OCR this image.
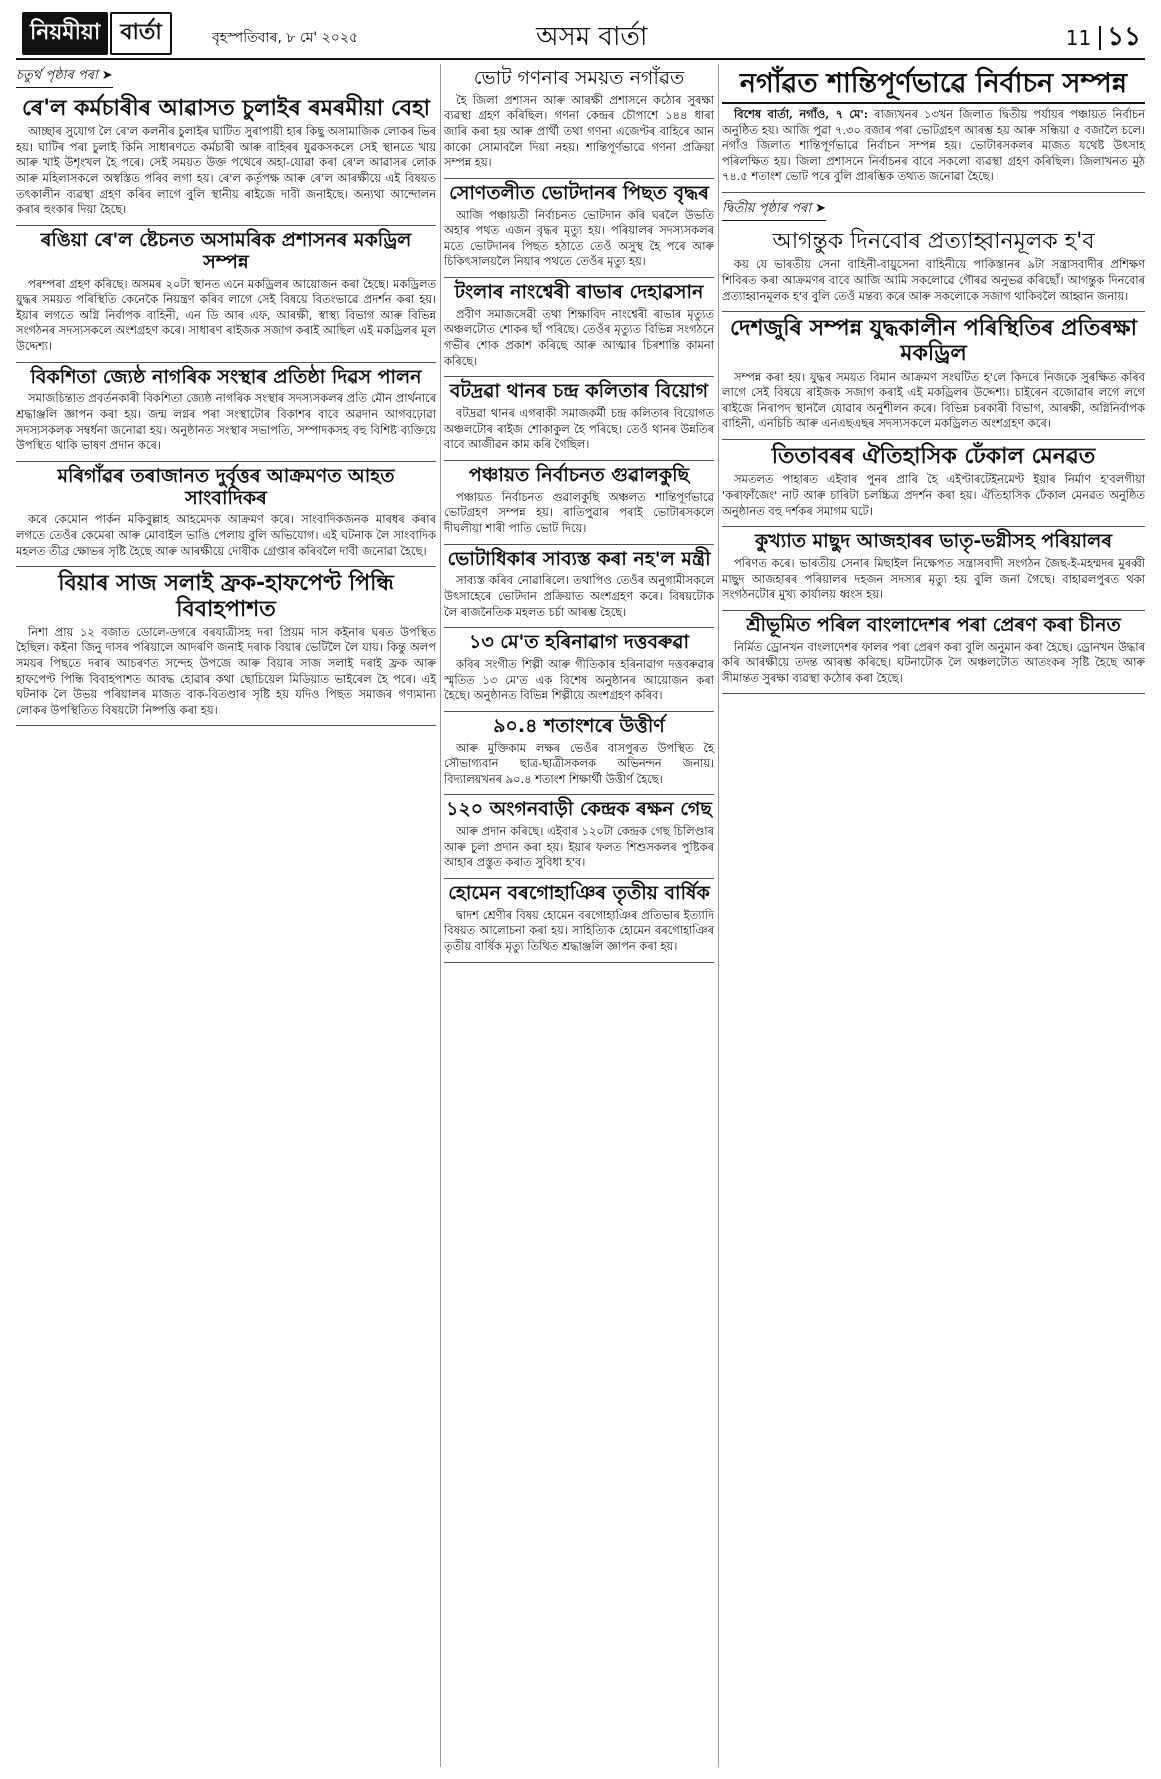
নিয়মীয়া বাৰ্তা	বৃহস্পতিবাৰ, ৮ মে' ২০২৫	অসম বাৰ্তা	11 ১১
চতুৰ্থ পৃষ্ঠাৰ পৰা ➤
ৰে'ল কৰ্মচাৰীৰ আৱাসত চুলাইৰ ৰমৰমীয়া বেহা

আচ্ছাৰ সুযোগ লৈ ৰে'ল কলনীৰ চুলাইৰ ঘাটিত সুৰাপায়ী হাৰ কিছু অসামাজিক লোকৰ ভিৰ হয়। ঘাটিৰ পৰা চুলাই কিনি সাধাৰণতে কৰ্মচাৰী আৰু বাহিৰৰ যুৱকসকলে সেই স্থানতে খায় আৰু খাই উশৃংখল হৈ পৰে। সেই সময়ত উক্ত পথেৰে অহা-যোৱা কৰা ৰে'ল আৱাসৰ লোক আৰু মহিলাসকলে অস্বস্তিত পৰিব লগা হয়। ৰে'ল কৰ্তৃপক্ষ আৰু ৰে'ল আৰক্ষীয়ে এই বিষয়ত তৎকালীন ব্যৱস্থা গ্ৰহণ কৰিব লাগে বুলি স্থানীয় ৰাইজে দাবী জনাইছে। অন্যথা আন্দোলন কৰাৰ হুংকাৰ দিয়া হৈছে।

ৰঙিয়া ৰে'ল ষ্টেচনত অসামৰিক প্ৰশাসনৰ মকড্ৰিল সম্পন্ন

পৰম্পৰা গ্ৰহণ কৰিছে। অসমৰ ২০টা স্থানত এনে মকড্ৰিলৰ আয়োজন কৰা হৈছে। মকড্ৰিলত যুদ্ধৰ সময়ত পৰিস্থিতি কেনেকৈ নিয়ন্ত্ৰণ কৰিব লাগে সেই বিষয়ে বিতংভাৱে প্ৰদৰ্শন কৰা হয়। ইয়াৰ লগতে অগ্নি নিৰ্বাপক বাহিনী, এন ডি আৰ এফ, আৰক্ষী, স্বাস্থ্য বিভাগ আৰু বিভিন্ন সংগঠনৰ সদস্যসকলে অংশগ্ৰহণ কৰে। সাধাৰণ ৰাইজক সজাগ কৰাই আছিল এই মকড্ৰিলৰ মূল উদ্দেশ্য।

বিকশিতা জ্যেষ্ঠ নাগৰিক সংস্থাৰ প্ৰতিষ্ঠা দিৱস পালন

সমাজচিন্তাত প্ৰবৰ্তনকাৰী বিকশিতা জ্যেষ্ঠ নাগৰিক সংস্থাৰ সদস্যসকলৰ প্ৰতি মৌন প্ৰাৰ্থনাৰে শ্ৰদ্ধাঞ্জলি জ্ঞাপন কৰা হয়। জন্ম লগ্নৰ পৰা সংস্থাটোৰ বিকাশৰ বাবে অৱদান আগবঢ়োৱা সদস্যসকলক সম্বৰ্ধনা জনোৱা হয়। অনুষ্ঠানত সংস্থাৰ সভাপতি, সম্পাদকসহ বহু বিশিষ্ট ব্যক্তিয়ে উপস্থিত থাকি ভাষণ প্ৰদান কৰে।

মৰিগাঁৱৰ তৰাজানত দুৰ্বৃত্তৰ আক্ৰমণত আহত সাংবাদিকৰ

কৰে কেমোন পাৰ্কন মকিবুল্লাহ আহমেদক আক্ৰমণ কৰে। সাংবাদিকজনক মাৰধৰ কৰাৰ লগতে তেওঁৰ কেমেৰা আৰু মোবাইল ভাঙি পেলায় বুলি অভিযোগ। এই ঘটনাক লৈ সাংবাদিক মহলত তীব্ৰ ক্ষোভৰ সৃষ্টি হৈছে আৰু আৰক্ষীয়ে দোষীক গ্ৰেপ্তাৰ কৰিবলৈ দাবী জনোৱা হৈছে।

বিয়াৰ সাজ সলাই ফ্ৰক-হাফপেণ্ট পিন্ধি বিবাহপাশত

নিশা প্ৰায় ১২ বজাত ডোলে-ডগৰে বৰযাত্ৰীসহ দৰা প্ৰিয়ম দাস কইনাৰ ঘৰত উপস্থিত হৈছিল। কইনা জিনু দাসৰ পৰিয়ালে আদৰণি জনাই দৰাক বিয়াৰ ভেটিলৈ লৈ যায়। কিন্তু অলপ সময়ৰ পিছতে দৰাৰ আচৰণত সন্দেহ উপজে আৰু বিয়াৰ সাজ সলাই দৰাই ফ্ৰক আৰু হাফপেণ্ট পিন্ধি বিবাহপাশত আবদ্ধ হোৱাৰ কথা ছোচিয়েল মিডিয়াত ভাইৰেল হৈ পৰে। এই ঘটনাক লৈ উভয় পৰিয়ালৰ মাজত বাক-বিতণ্ডাৰ সৃষ্টি হয় যদিও পিছত সমাজৰ গণ্যমান্য লোকৰ উপস্থিতিত বিষয়টো নিষ্পত্তি কৰা হয়।

ভোট গণনাৰ সময়ত নগাঁৱত

হৈ জিলা প্ৰশাসন আৰু আৰক্ষী প্ৰশাসনে কঠোৰ সুৰক্ষা ব্যৱস্থা গ্ৰহণ কৰিছিল। গণনা কেন্দ্ৰৰ চৌপাশে ১৪৪ ধাৰা জাৰি কৰা হয় আৰু প্ৰাৰ্থী তথা গণনা এজেণ্টৰ বাহিৰে আন কাকো সোমাবলৈ দিয়া নহয়। শান্তিপূৰ্ণভাৱে গণনা প্ৰক্ৰিয়া সম্পন্ন হয়।

সোণতলীত ভোটদানৰ পিছত বৃদ্ধৰ

আজি পঞ্চায়তী নিৰ্বাচনত ভোটদান কৰি ঘৰলৈ উভতি অহাৰ পথত এজন বৃদ্ধৰ মৃত্যু হয়। পৰিয়ালৰ সদস্যসকলৰ মতে ভোটদানৰ পিছত হঠাতে তেওঁ অসুস্থ হৈ পৰে আৰু চিকিৎসালয়লৈ নিয়াৰ পথতে তেওঁৰ মৃত্যু হয়।

টংলাৰ নাংশ্বেৰী ৰাভাৰ দেহাৱসান

প্ৰবীণ সমাজসেৱী তথা শিক্ষাবিদ নাংশ্বেৰী ৰাভাৰ মৃত্যুত অঞ্চলটোত শোকৰ ছাঁ পৰিছে। তেওঁৰ মৃত্যুত বিভিন্ন সংগঠনে গভীৰ শোক প্ৰকাশ কৰিছে আৰু আত্মাৰ চিৰশান্তি কামনা কৰিছে।

বটদ্ৰৱা থানৰ চন্দ্ৰ কলিতাৰ বিয়োগ

বটদ্ৰৱা থানৰ এগৰাকী সমাজকৰ্মী চন্দ্ৰ কলিতাৰ বিয়োগত অঞ্চলটোৰ ৰাইজ শোকাকুল হৈ পৰিছে। তেওঁ থানৰ উন্নতিৰ বাবে আজীৱন কাম কৰি গৈছিল।

পঞ্চায়ত নিৰ্বাচনত গুৱালকুছি

পঞ্চায়ত নিৰ্বাচনত গুৱালকুছি অঞ্চলত শান্তিপূৰ্ণভাৱে ভোটগ্ৰহণ সম্পন্ন হয়। ৰাতিপুৱাৰ পৰাই ভোটাৰসকলে দীঘলীয়া শাৰী পাতি ভোট দিয়ে।

ভোটাধিকাৰ সাব্যস্ত কৰা নহ'ল মন্ত্ৰী

সাব্যস্ত কৰিব নোৱাৰিলে। তথাপিও তেওঁৰ অনুগামীসকলে উৎসাহেৰে ভোটদান প্ৰক্ৰিয়াত অংশগ্ৰহণ কৰে। বিষয়টোক লৈ ৰাজনৈতিক মহলত চৰ্চা আৰম্ভ হৈছে।

১৩ মে'ত হৰিনাৱাগ দত্তবৰুৱা

কবিৰ সংগীত শিল্পী আৰু গীতিকাৰ হৰিনাৱাগ দত্তবৰুৱাৰ স্মৃতিত ১৩ মে'ত এক বিশেষ অনুষ্ঠানৰ আয়োজন কৰা হৈছে। অনুষ্ঠানত বিভিন্ন শিল্পীয়ে অংশগ্ৰহণ কৰিব।

৯০.৪ শতাংশৰে উত্তীৰ্ণ

আৰু মুক্তিকাম লক্ষৰ ভেওঁৰ বাসপুৰত উপস্থিত হৈ সৌভাগ্যবান ছাত্ৰ-ছাত্ৰীসকলক অভিনন্দন জনায়। বিদ্যালয়খনৰ ৯০.৪ শতাংশ শিক্ষাৰ্থী উত্তীৰ্ণ হৈছে।

১২০ অংগনবাড়ী কেন্দ্ৰক ৰক্ষন গেছ

আৰু প্ৰদান কৰিছে। এইবাৰ ১২০টা কেন্দ্ৰক গেছ চিলিণ্ডাৰ আৰু চুলা প্ৰদান কৰা হয়। ইয়াৰ ফলত শিশুসকলৰ পুষ্টিকৰ আহাৰ প্ৰস্তুত কৰাত সুবিধা হ'ব।

হোমেন বৰগোহাঞিৰ তৃতীয় বাৰ্ষিক

দ্বাদশ শ্ৰেণীৰ বিষয় হোমেন বৰগোহাঞিৰ প্ৰতিভাৰ ইত্যাদি বিষয়ত আলোচনা কৰা হয়। সাহিত্যিক হোমেন বৰগোহাঞিৰ তৃতীয় বাৰ্ষিক মৃত্যু তিথিত শ্ৰদ্ধাঞ্জলি জ্ঞাপন কৰা হয়।

নগাঁৱত শান্তিপূৰ্ণভাৱে নিৰ্বাচন সম্পন্ন

বিশেষ বাৰ্তা, নগাঁও, ৭ মে': ৰাজ্যখনৰ ১৩খন জিলাত দ্বিতীয় পৰ্যায়ৰ পঞ্চায়ত নিৰ্বাচন অনুষ্ঠিত হয়। আজি পুৱা ৭.৩০ বজাৰ পৰা ভোটগ্ৰহণ আৰম্ভ হয় আৰু সন্ধিয়া ৫ বজালৈ চলে। নগাঁও জিলাত শান্তিপূৰ্ণভাৱে নিৰ্বাচন সম্পন্ন হয়। ভোটাৰসকলৰ মাজত যথেষ্ট উৎসাহ পৰিলক্ষিত হয়। জিলা প্ৰশাসনে নিৰ্বাচনৰ বাবে সকলো ব্যৱস্থা গ্ৰহণ কৰিছিল। জিলাখনত মুঠ ৭৪.৫ শতাংশ ভোট পৰে বুলি প্ৰাৰম্ভিক তথ্যত জনোৱা হৈছে।

দ্বিতীয় পৃষ্ঠাৰ পৰা ➤
আগন্তুক দিনবোৰ প্ৰত্যাহ্বানমূলক হ'ব

কয় যে ভাৰতীয় সেনা বাহিনী-বায়ুসেনা বাহিনীয়ে পাকিস্তানৰ ৯টা সন্ত্ৰাসবাদীৰ প্ৰশিক্ষণ শিবিৰত কৰা আক্ৰমণৰ বাবে আজি আমি সকলোৱে গৌৰৱ অনুভৱ কৰিছোঁ। আগন্তুক দিনবোৰ প্ৰত্যাহ্বানমূলক হ'ব বুলি তেওঁ মন্তব্য কৰে আৰু সকলোকে সজাগ থাকিবলৈ আহ্বান জনায়।

দেশজুৰি সম্পন্ন যুদ্ধকালীন পৰিস্থিতিৰ প্ৰতিৰক্ষা মকড্ৰিল

সম্পন্ন কৰা হয়। যুদ্ধৰ সময়ত বিমান আক্ৰমণ সংঘটিত হ'লে কিদৰে নিজকে সুৰক্ষিত কৰিব লাগে সেই বিষয়ে ৰাইজক সজাগ কৰাই এই মকড্ৰিলৰ উদ্দেশ্য। চাইৰেন বজোৱাৰ লগে লগে ৰাইজে নিৰাপদ স্থানলৈ যোৱাৰ অনুশীলন কৰে। বিভিন্ন চৰকাৰী বিভাগ, আৰক্ষী, অগ্নিনিৰ্বাপক বাহিনী, এনচিচি আৰু এনএছএছৰ সদস্যসকলে মকড্ৰিলত অংশগ্ৰহণ কৰে।

তিতাবৰৰ ঐতিহাসিক ঢেঁকাল মেনৱত

সমতলত পাহাৰত এইবাৰ পুনৰ প্ৰাৰি হৈ এইণ্টাৰটেইনমেণ্ট ইয়াৰ নিৰ্মাণ হ'বলগীয়া 'কৰাফাঁজেং' নাট আৰু চাৰিটা চলচ্চিত্ৰ প্ৰদৰ্শন কৰা হয়। ঐতিহাসিক ঢেঁকাল মেনৱত অনুষ্ঠিত অনুষ্ঠানত বহু দৰ্শকৰ সমাগম ঘটে।

কুখ্যাত মাছুদ আজহাৰৰ ভাতৃ-ভগ্নীসহ পৰিয়ালৰ

পৰিণত কৰে। ভাৰতীয় সেনাৰ মিছাইল নিক্ষেপত সন্ত্ৰাসবাদী সংগঠন জৈছ-ই-মহম্মদৰ মুৰব্বী মাছুদ আজহাৰৰ পৰিয়ালৰ দহজন সদস্যৰ মৃত্যু হয় বুলি জনা গৈছে। বাহাৱলপুৰত থকা সংগঠনটোৰ মুখ্য কাৰ্যালয় ধ্বংস হয়।

শ্ৰীভূমিত পৰিল বাংলাদেশৰ পৰা প্ৰেৰণ কৰা চীনত

নিৰ্মিত ড্ৰোনখন বাংলাদেশৰ ফালৰ পৰা প্ৰেৰণ কৰা বুলি অনুমান কৰা হৈছে। ড্ৰোনখন উদ্ধাৰ কৰি আৰক্ষীয়ে তদন্ত আৰম্ভ কৰিছে। ঘটনাটোক লৈ অঞ্চলটোত আতংকৰ সৃষ্টি হৈছে আৰু সীমান্তত সুৰক্ষা ব্যৱস্থা কঠোৰ কৰা হৈছে।
